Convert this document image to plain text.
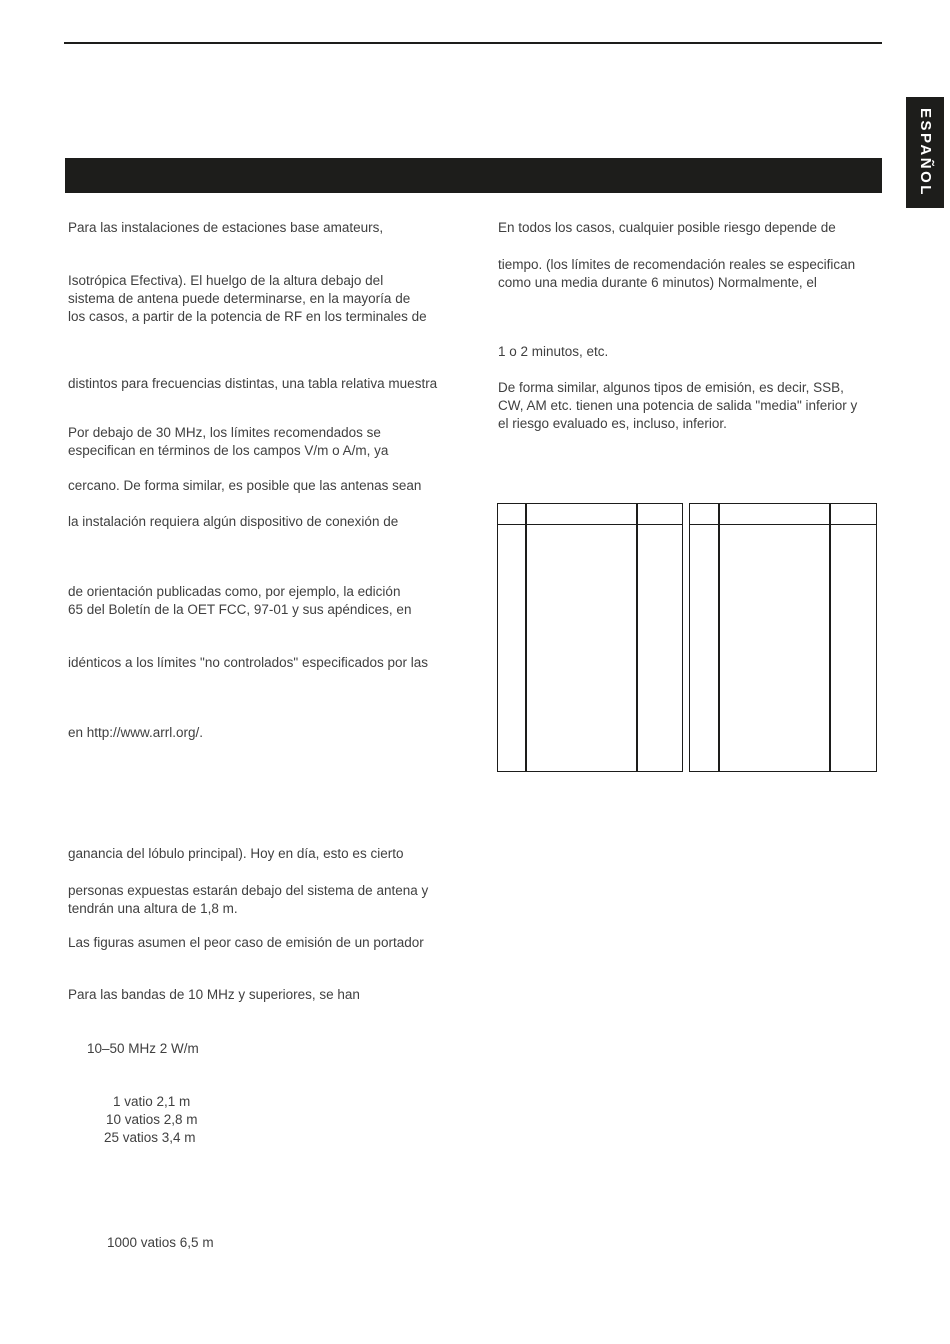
ESPAÑOL
Para las instalaciones de estaciones base amateurs,
Isotrópica Efectiva). El huelgo de la altura debajo del
sistema de antena puede determinarse, en la mayoría de
los casos, a partir de la potencia de RF en los terminales de
distintos para frecuencias distintas, una tabla relativa muestra
Por debajo de 30 MHz, los límites recomendados se
especifican en términos de los campos V/m o A/m, ya
cercano. De forma similar, es posible que las antenas sean
la instalación requiera algún dispositivo de conexión de
de orientación publicadas como, por ejemplo, la edición
65 del Boletín de la OET FCC, 97-01 y sus apéndices, en
idénticos a los límites "no controlados" especificados por las
en http://www.arrl.org/.
ganancia del lóbulo principal). Hoy en día, esto es cierto
personas expuestas estarán debajo del sistema de antena y
tendrán una altura de 1,8 m.
Las figuras asumen el peor caso de emisión de un portador
Para las bandas de 10 MHz y superiores, se han
10–50 MHz 2 W/m
1 vatio 2,1 m
10 vatios 2,8 m
25 vatios 3,4 m
1000 vatios 6,5 m
En todos los casos, cualquier posible riesgo depende de
tiempo. (los límites de recomendación reales se especifican
como una media durante 6 minutos) Normalmente, el
1 o 2 minutos, etc.
De forma similar, algunos tipos de emisión, es decir, SSB,
CW, AM etc. tienen una potencia de salida "media" inferior y
el riesgo evaluado es, incluso, inferior.
